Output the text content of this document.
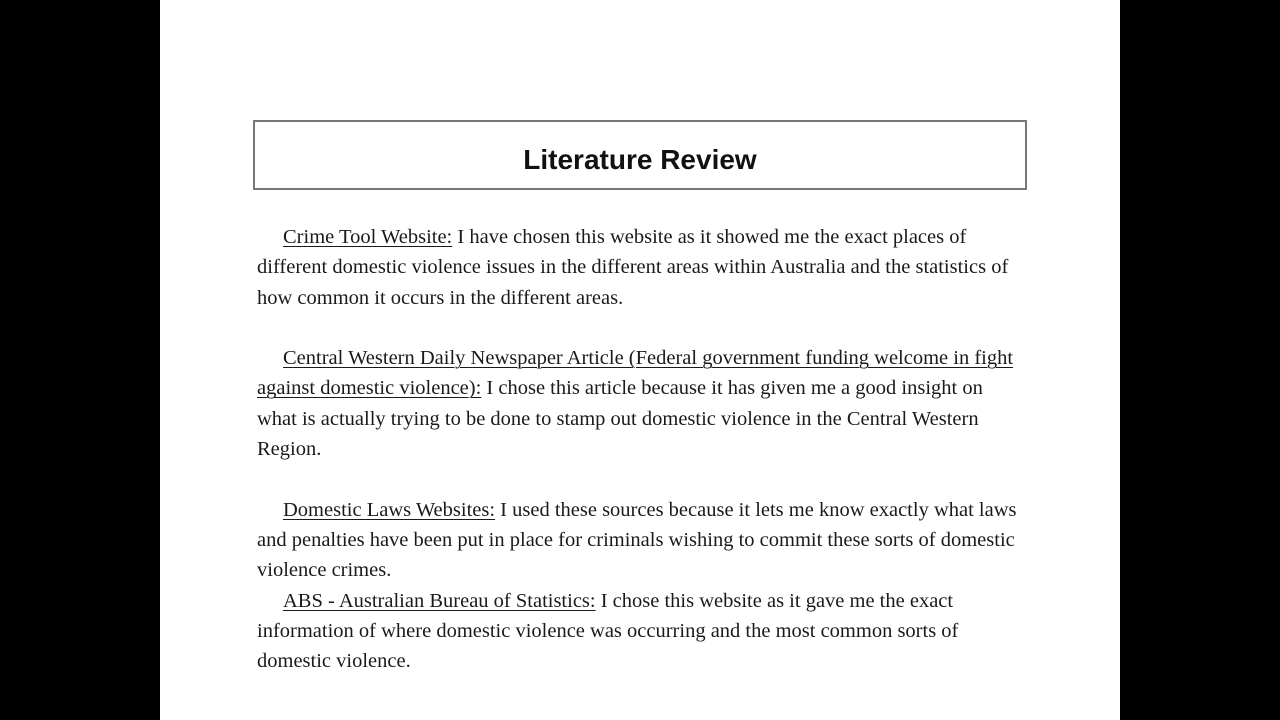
Literature Review

Crime Tool Website: I have chosen this website as it showed me the exact places of different domestic violence issues in the different areas within Australia and the statistics of how common it occurs in the different areas.

Central Western Daily Newspaper Article (Federal government funding welcome in fight against domestic violence): I chose this article because it has given me a good insight on what is actually trying to be done to stamp out domestic violence in the Central Western Region.

Domestic Laws Websites: I used these sources because it lets me know exactly what laws and penalties have been put in place for criminals wishing to commit these sorts of domestic violence crimes.

ABS - Australian Bureau of Statistics: I chose this website as it gave me the exact information of where domestic violence was occurring and the most common sorts of domestic violence.
